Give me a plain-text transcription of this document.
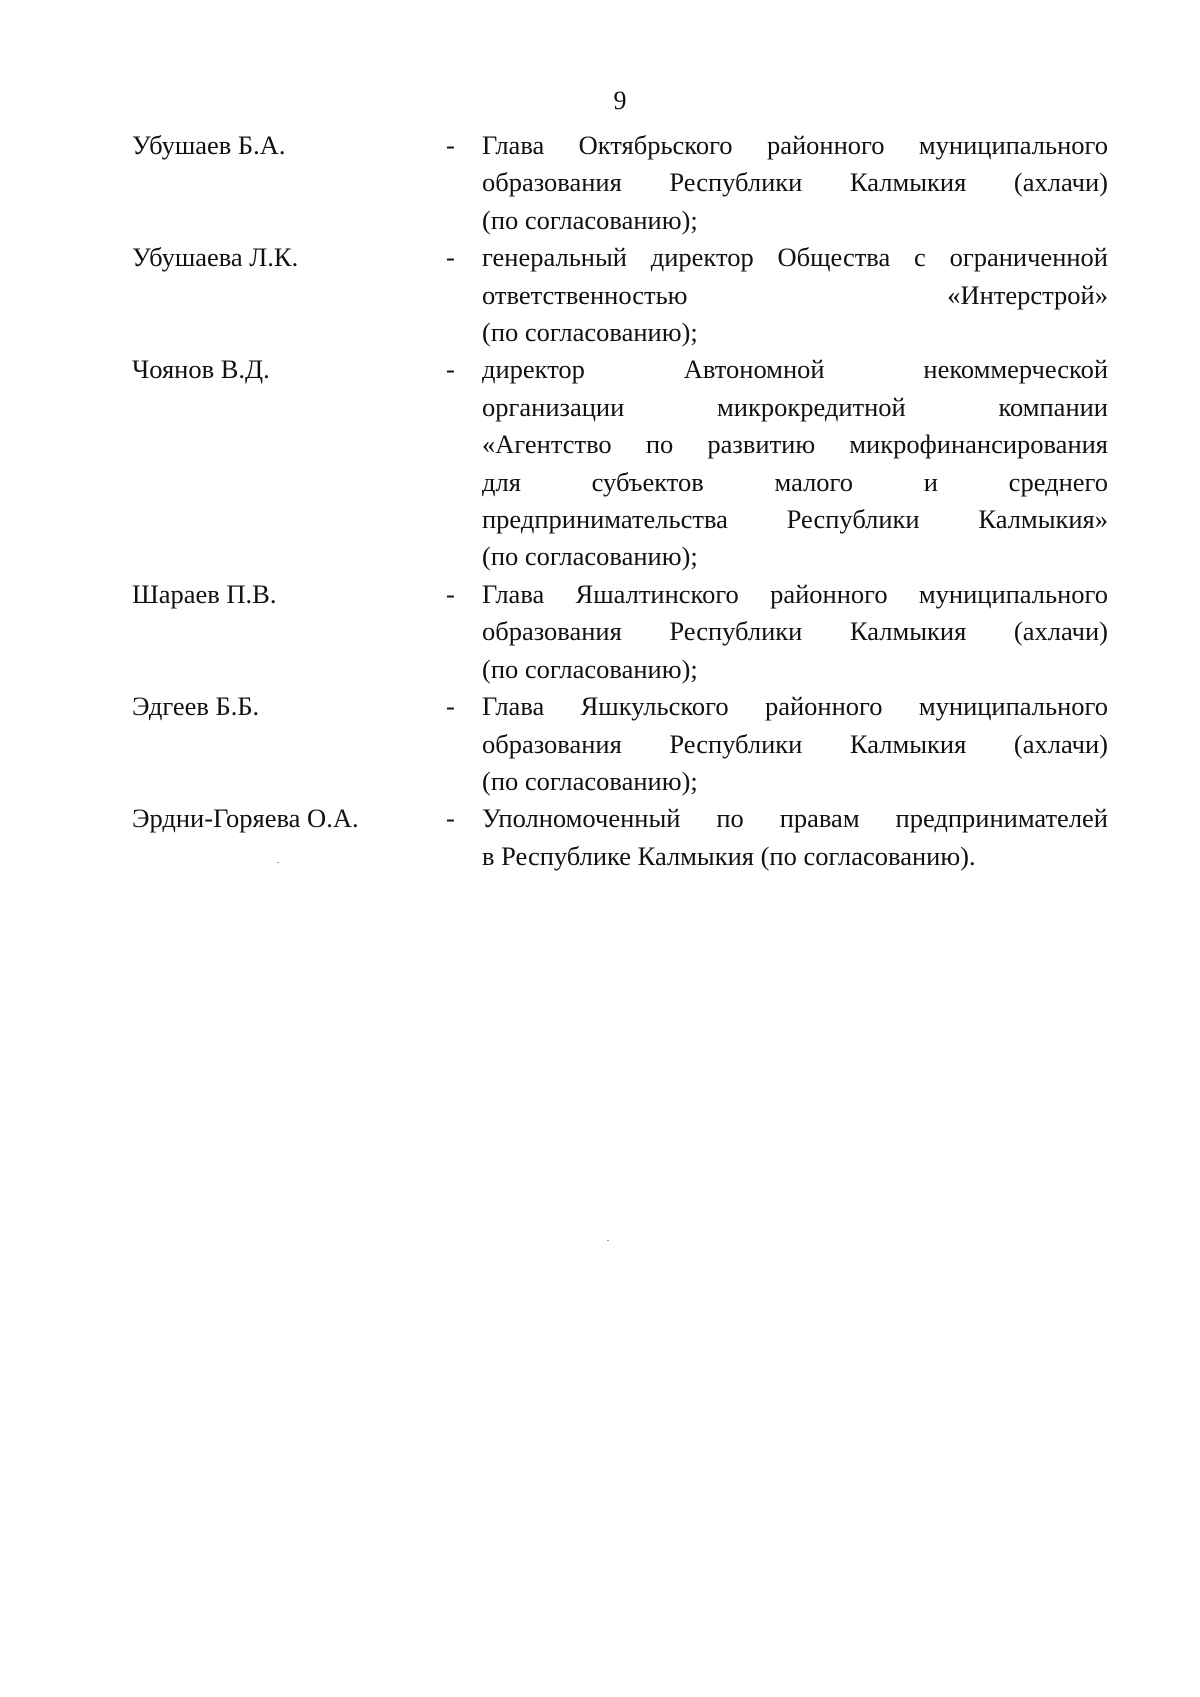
9
Убушаев Б.А.	-	Глава Октябрьского районного муниципального
образования Республики Калмыкия (ахлачи)
(по согласованию);
Убушаева Л.К.	-	генеральный директор Общества с ограниченной
ответственностью «Интерстрой»
(по согласованию);
Чоянов В.Д.	-	директор Автономной некоммерческой
организации микрокредитной компании
«Агентство по развитию микрофинансирования
для субъектов малого и среднего
предпринимательства Республики Калмыкия»
(по согласованию);
Шараев П.В.	-	Глава Яшалтинского районного муниципального
образования Республики Калмыкия (ахлачи)
(по согласованию);
Эдгеев Б.Б.	-	Глава Яшкульского районного муниципального
образования Республики Калмыкия (ахлачи)
(по согласованию);
Эрдни-Горяева О.А.	-	Уполномоченный по правам предпринимателей
в Республике Калмыкия (по согласованию).
